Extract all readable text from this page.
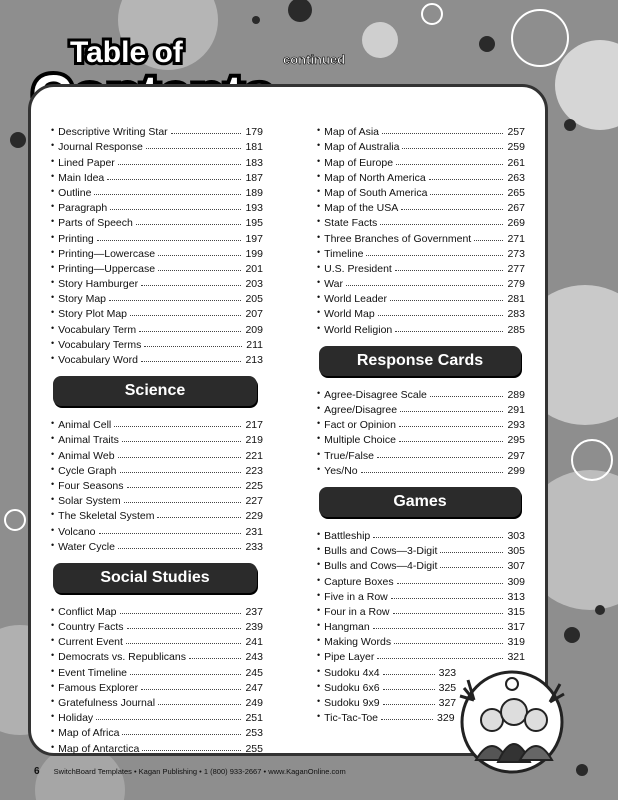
Table of	continued
• Descriptive Writing Star	179
• Journal Response	181
• Lined Paper	183
• Main Idea	187
• Outline	189
• Paragraph	193
• Parts of Speech	195
• Printing	197
• Printing—Lowercase	199
• Printing—Uppercase	201
• Story Hamburger	203
• Story Map	205
• Story Plot Map	207
• Vocabulary Term	209
• Vocabulary Terms	211
• Vocabulary Word	213
Science
• Animal Cell	217
• Animal Traits	219
• Animal Web	221
• Cycle Graph	223
• Four Seasons	225
• Solar System	227
• The Skeletal System	229
• Volcano	231
• Water Cycle	233
Social Studies
• Conflict Map	237
• Country Facts	239
• Current Event	241
• Democrats vs. Republicans	243
• Event Timeline	245
• Famous Explorer	247
• Gratefulness Journal	249
• Holiday	251
• Map of Africa	253
• Map of Antarctica	255
• Map of Asia	257
• Map of Australia	259
• Map of Europe	261
• Map of North America	263
• Map of South America	265
• Map of the USA	267
• State Facts	269
• Three Branches of Government	271
• Timeline	273
• U.S. President	277
• War	279
• World Leader	281
• World Map	283
• World Religion	285
Response Cards
• Agree-Disagree Scale	289
• Agree/Disagree	291
• Fact or Opinion	293
• Multiple Choice	295
• True/False	297
• Yes/No	299
Games
• Battleship	303
• Bulls and Cows—3-Digit	305
• Bulls and Cows—4-Digit	307
• Capture Boxes	309
• Five in a Row	313
• Four in a Row	315
• Hangman	317
• Making Words	319
• Pipe Layer	321
• Sudoku 4x4	323
• Sudoku 6x6	325
• Sudoku 9x9	327
• Tic-Tac-Toe	329
6 SwitchBoard Templates • Kagan Publishing • 1 (800) 933-2667 • www.KaganOnline.com
